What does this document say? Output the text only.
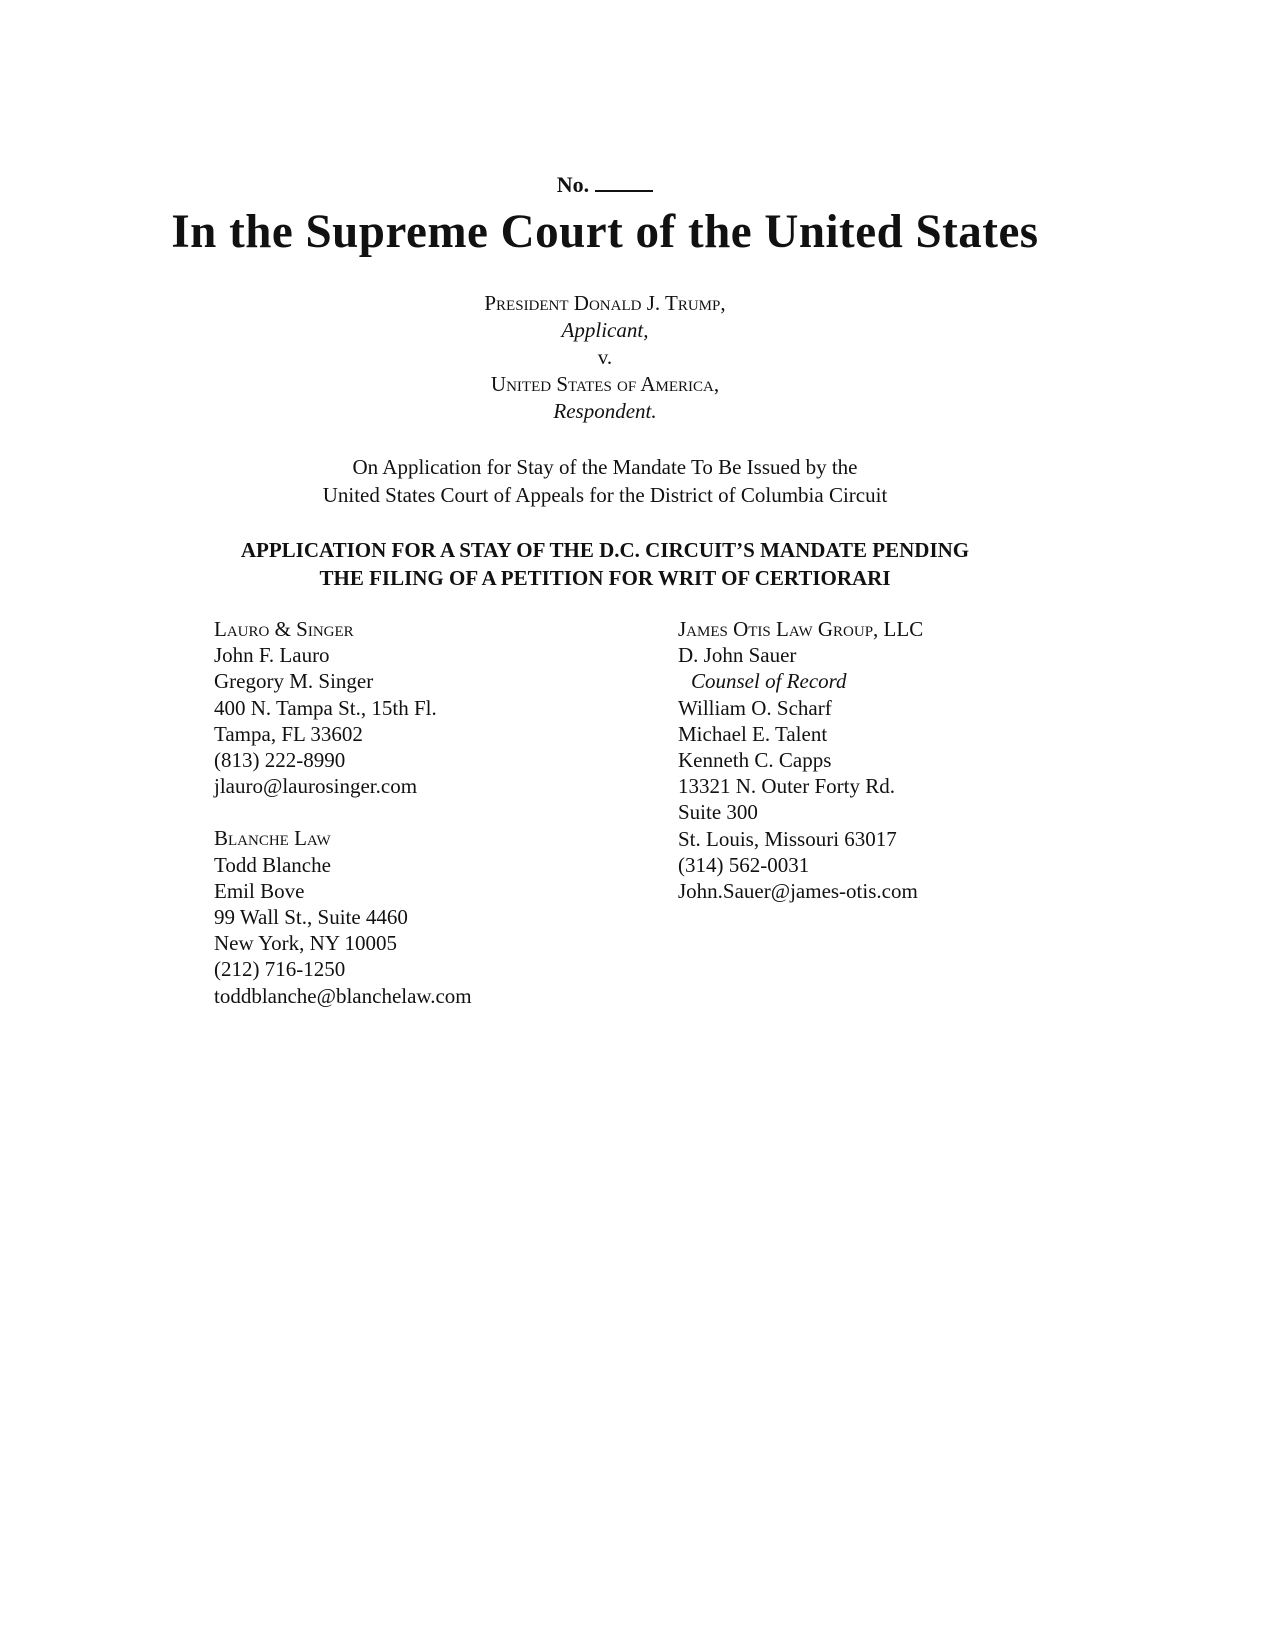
No.
In the Supreme Court of the United States
President Donald J. Trump,
Applicant,
v.
United States of America,
Respondent.
On Application for Stay of the Mandate To Be Issued by the
United States Court of Appeals for the District of Columbia Circuit
APPLICATION FOR A STAY OF THE D.C. CIRCUIT’S MANDATE PENDING
THE FILING OF A PETITION FOR WRIT OF CERTIORARI
Lauro & Singer
John F. Lauro
Gregory M. Singer
400 N. Tampa St., 15th Fl.
Tampa, FL 33602
(813) 222-8990
jlauro@laurosinger.com
Blanche Law
Todd Blanche
Emil Bove
99 Wall St., Suite 4460
New York, NY 10005
(212) 716-1250
toddblanche@blanchelaw.com
James Otis Law Group, LLC
D. John Sauer
Counsel of Record
William O. Scharf
Michael E. Talent
Kenneth C. Capps
13321 N. Outer Forty Rd.
Suite 300
St. Louis, Missouri 63017
(314) 562-0031
John.Sauer@james-otis.com
